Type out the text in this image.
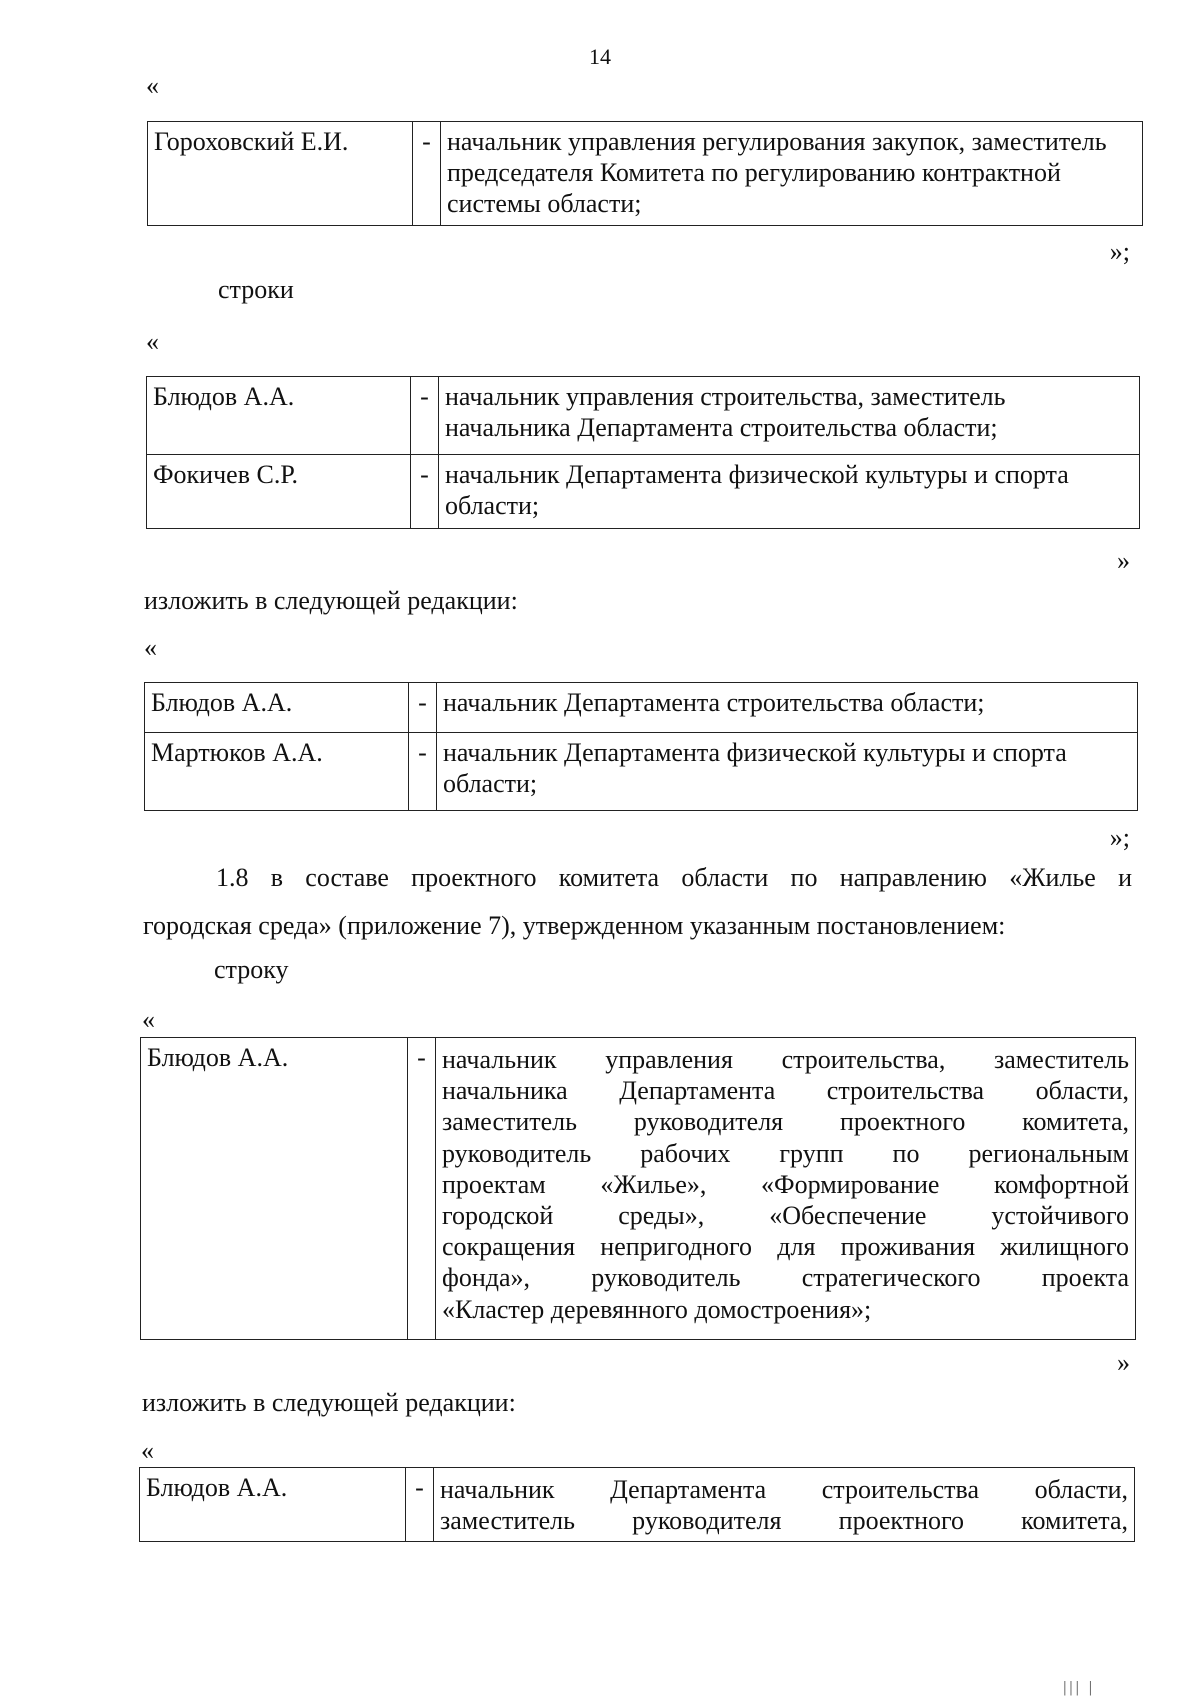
14
«
Гороховский Е.И.	-	начальник управления регулирования закупок, заместитель председателя Комитета по регулированию контрактной системы области;
»;
строки
«
Блюдов А.А.	-	начальник управления строительства, заместитель начальника Департамента строительства области;
Фокичев С.Р.	-	начальник Департамента физической культуры и спорта области;
»
изложить в следующей редакции:
«
Блюдов А.А.	-	начальник Департамента строительства области;
Мартюков А.А.	-	начальник Департамента физической культуры и спорта области;
»;
1.8 в составе проектного комитета области по направлению «Жилье и
городская среда» (приложение 7), утвержденном указанным постановлением:
строку
«
Блюдов А.А.	-	начальник управления строительства, заместитель
начальника Департамента строительства области,
заместитель руководителя проектного комитета,
руководитель рабочих групп по региональным
проектам «Жилье», «Формирование комфортной
городской среды», «Обеспечение устойчивого
сокращения непригодного для проживания жилищного
фонда», руководитель стратегического проекта
«Кластер деревянного домостроения»;
»
изложить в следующей редакции:
«
Блюдов А.А.	-	начальник Департамента строительства области,
заместитель руководителя проектного комитета,
||| |
